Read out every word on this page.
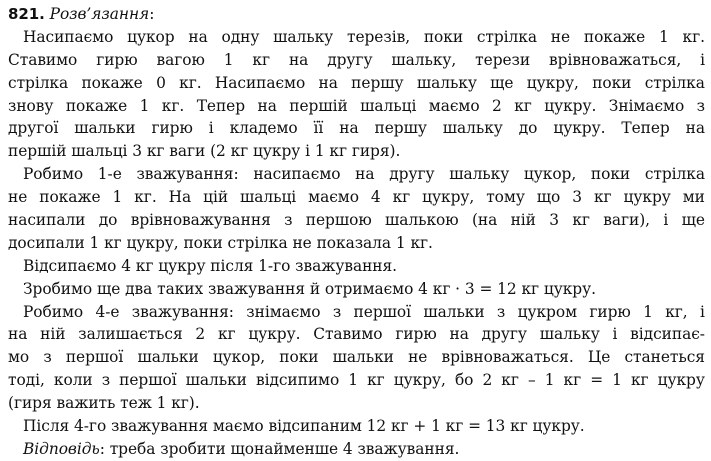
821. Розв’язання:
Насипаємо цукор на одну шальку терезів, поки стрілка не покаже 1 кг.
Ставимо гирю вагою 1 кг на другу шальку, терези врівноважаться, і
стрілка покаже 0 кг. Насипаємо на першу шальку ще цукру, поки стрілка
знову покаже 1 кг. Тепер на першій шальці маємо 2 кг цукру. Знімаємо з
другої шальки гирю і кладемо її на першу шальку до цукру. Тепер на
першій шальці 3 кг ваги (2 кг цукру і 1 кг гиря).
Робимо 1-е зважування: насипаємо на другу шальку цукор, поки стрілка
не покаже 1 кг. На цій шальці маємо 4 кг цукру, тому що 3 кг цукру ми
насипали до врівноважування з першою шалькою (на ній 3 кг ваги), і ще
досипали 1 кг цукру, поки стрілка не показала 1 кг.
Відсипаємо 4 кг цукру після 1-го зважування.
Зробимо ще два таких зважування й отримаємо 4 кг · 3 = 12 кг цукру.
Робимо 4-е зважування: знімаємо з першої шальки з цукром гирю 1 кг, і
на ній залишається 2 кг цукру. Ставимо гирю на другу шальку і відсипає-
мо з першої шальки цукор, поки шальки не врівноважаться. Це станеться
тоді, коли з першої шальки відсипимо 1 кг цукру, бо 2 кг – 1 кг = 1 кг цукру
(гиря важить теж 1 кг).
Після 4-го зважування маємо відсипаним 12 кг + 1 кг = 13 кг цукру.
Відповідь: треба зробити щонайменше 4 зважування.
